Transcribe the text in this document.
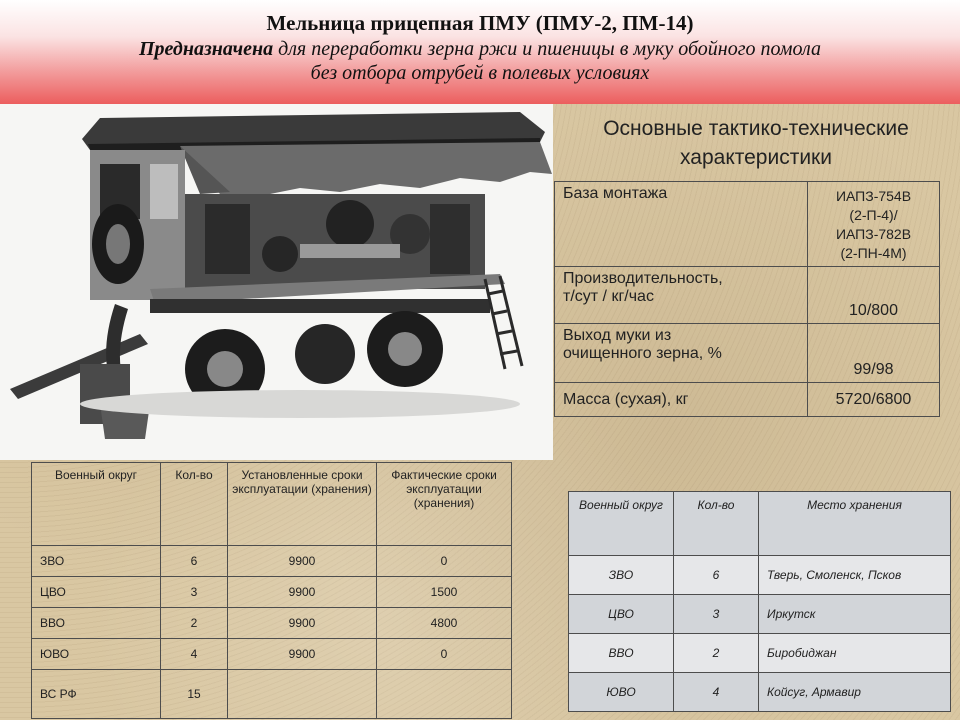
Мельница прицепная ПМУ (ПМУ-2, ПМ-14)
Предназначена для переработки зерна ржи и пшеницы в муку обойного помола
без отбора отрубей в полевых условиях
Основные тактико-технические
характеристики
База монтажа	ИАПЗ-754В
(2-П-4)/
ИАПЗ-782В
(2-ПН-4М)

Производительность,
т/сут / кг/час	10/800

Выход муки из
очищенного зерна, %	99/98
Масса (сухая), кг	5720/6800
Военный округ	Кол-во	Установленные сроки эксплуатации (хранения)	Фактические сроки эксплуатации (хранения)
ЗВО	6	9900	0
ЦВО	3	9900	1500
ВВО	2	9900	4800
ЮВО	4	9900	0
ВС РФ	15		
Военный округ	Кол-во	Место хранения
ЗВО	6	Тверь, Смоленск, Псков
ЦВО	3	Иркутск
ВВО	2	Биробиджан
ЮВО	4	Койсуг, Армавир
